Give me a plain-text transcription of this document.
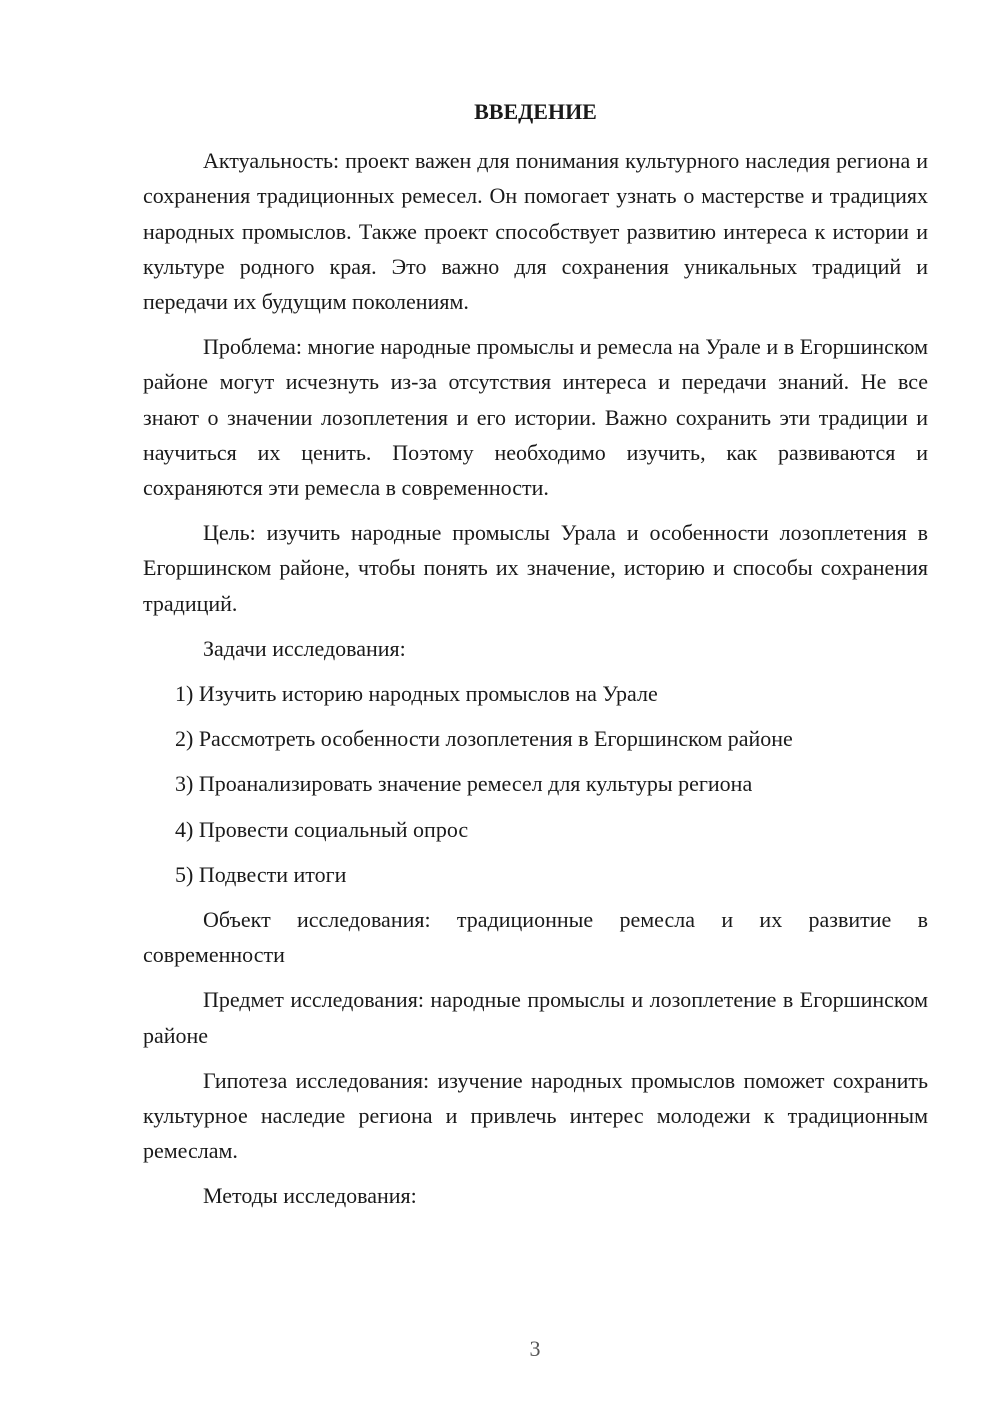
ВВЕДЕНИЕ

Актуальность: проект важен для понимания культурного наследия региона и сохранения традиционных ремесел. Он помогает узнать о мастерстве и традициях народных промыслов. Также проект способствует развитию интереса к истории и культуре родного края. Это важно для сохранения уникальных традиций и передачи их будущим поколениям.

Проблема: многие народные промыслы и ремесла на Урале и в Егоршинском районе могут исчезнуть из-за отсутствия интереса и передачи знаний. Не все знают о значении лозоплетения и его истории. Важно сохранить эти традиции и научиться их ценить. Поэтому необходимо изучить, как развиваются и сохраняются эти ремесла в современности.

Цель: изучить народные промыслы Урала и особенности лозоплетения в Егоршинском районе, чтобы понять их значение, историю и способы сохранения традиций.

Задачи исследования:

1) Изучить историю народных промыслов на Урале
2) Рассмотреть особенности лозоплетения в Егоршинском районе
3) Проанализировать значение ремесел для культуры региона
4) Провести социальный опрос
5) Подвести итоги

Объект исследования: традиционные ремесла и их развитие в современности

Предмет исследования: народные промыслы и лозоплетение в Егоршинском районе

Гипотеза исследования: изучение народных промыслов поможет сохранить культурное наследие региона и привлечь интерес молодежи к традиционным ремеслам.

Методы исследования:

3
